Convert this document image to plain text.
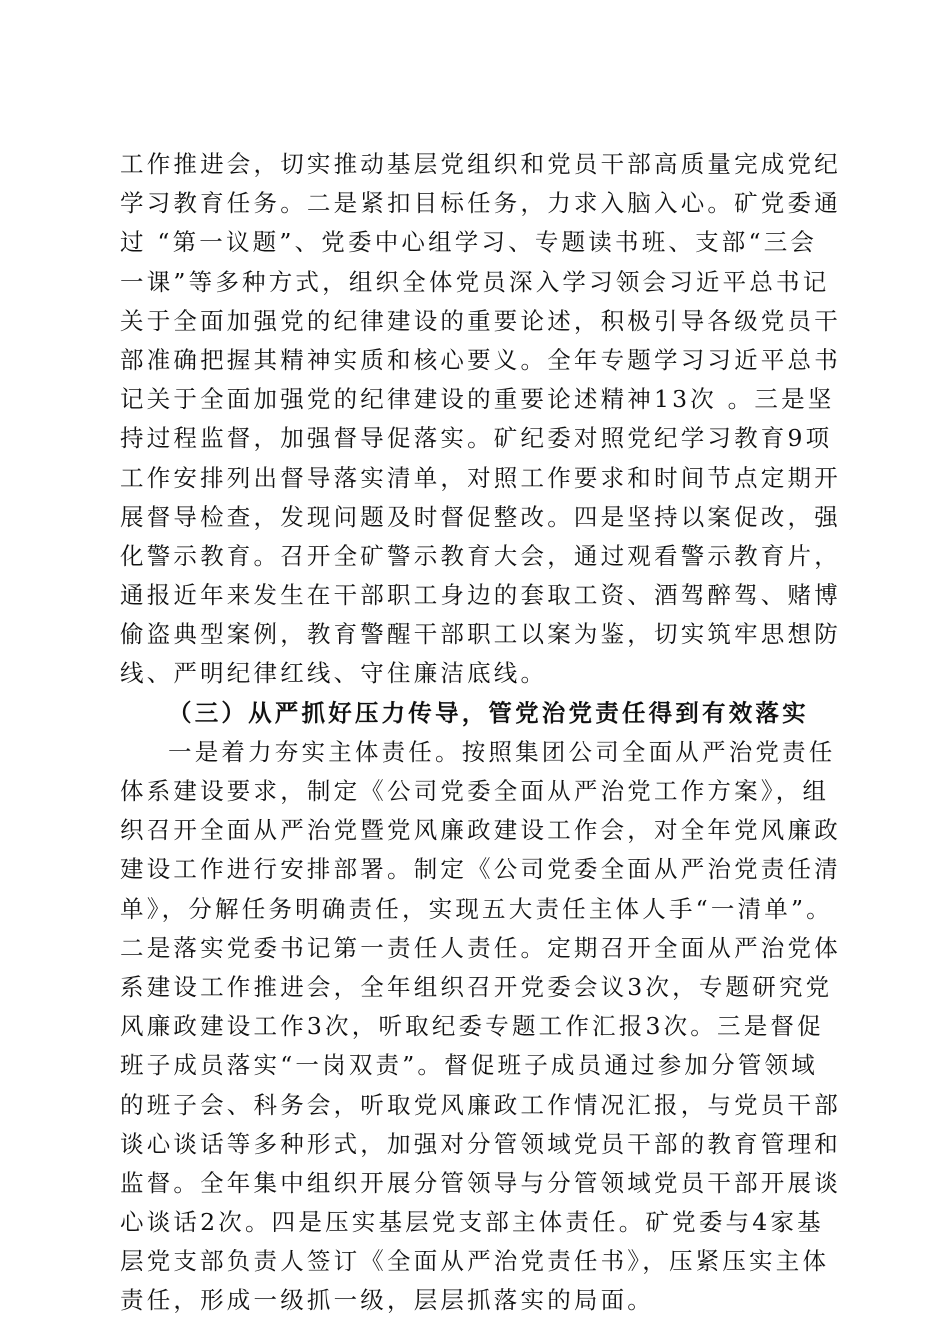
工作推进会，切实推动基层党组织和党员干部高质量完成党纪
学习教育任务。二是紧扣目标任务，力求入脑入心。矿党委通
过 “第一议题”、党委中心组学习、专题读书班、支部“三会
一课”等多种方式，组织全体党员深入学习领会习近平总书记
关于全面加强党的纪律建设的重要论述，积极引导各级党员干
部准确把握其精神实质和核心要义。全年专题学习习近平总书
记关于全面加强党的纪律建设的重要论述精神13次 。三是坚
持过程监督，加强督导促落实。矿纪委对照党纪学习教育9项
工作安排列出督导落实清单，对照工作要求和时间节点定期开
展督导检查，发现问题及时督促整改。四是坚持以案促改，强
化警示教育。召开全矿警示教育大会，通过观看警示教育片，
通报近年来发生在干部职工身边的套取工资、酒驾醉驾、赌博
偷盗典型案例，教育警醒干部职工以案为鉴，切实筑牢思想防
线、严明纪律红线、守住廉洁底线。
（三）从严抓好压力传导，管党治党责任得到有效落实
一是着力夯实主体责任。按照集团公司全面从严治党责任
体系建设要求，制定《公司党委全面从严治党工作方案》，组
织召开全面从严治党暨党风廉政建设工作会，对全年党风廉政
建设工作进行安排部署。制定《公司党委全面从严治党责任清
单》，分解任务明确责任，实现五大责任主体人手“一清单”。
二是落实党委书记第一责任人责任。定期召开全面从严治党体
系建设工作推进会，全年组织召开党委会议3次，专题研究党
风廉政建设工作3次，听取纪委专题工作汇报3次。三是督促
班子成员落实“一岗双责”。督促班子成员通过参加分管领域
的班子会、科务会，听取党风廉政工作情况汇报，与党员干部
谈心谈话等多种形式，加强对分管领域党员干部的教育管理和
监督。全年集中组织开展分管领导与分管领域党员干部开展谈
心谈话2次。四是压实基层党支部主体责任。矿党委与4家基
层党支部负责人签订《全面从严治党责任书》，压紧压实主体
责任，形成一级抓一级，层层抓落实的局面。
